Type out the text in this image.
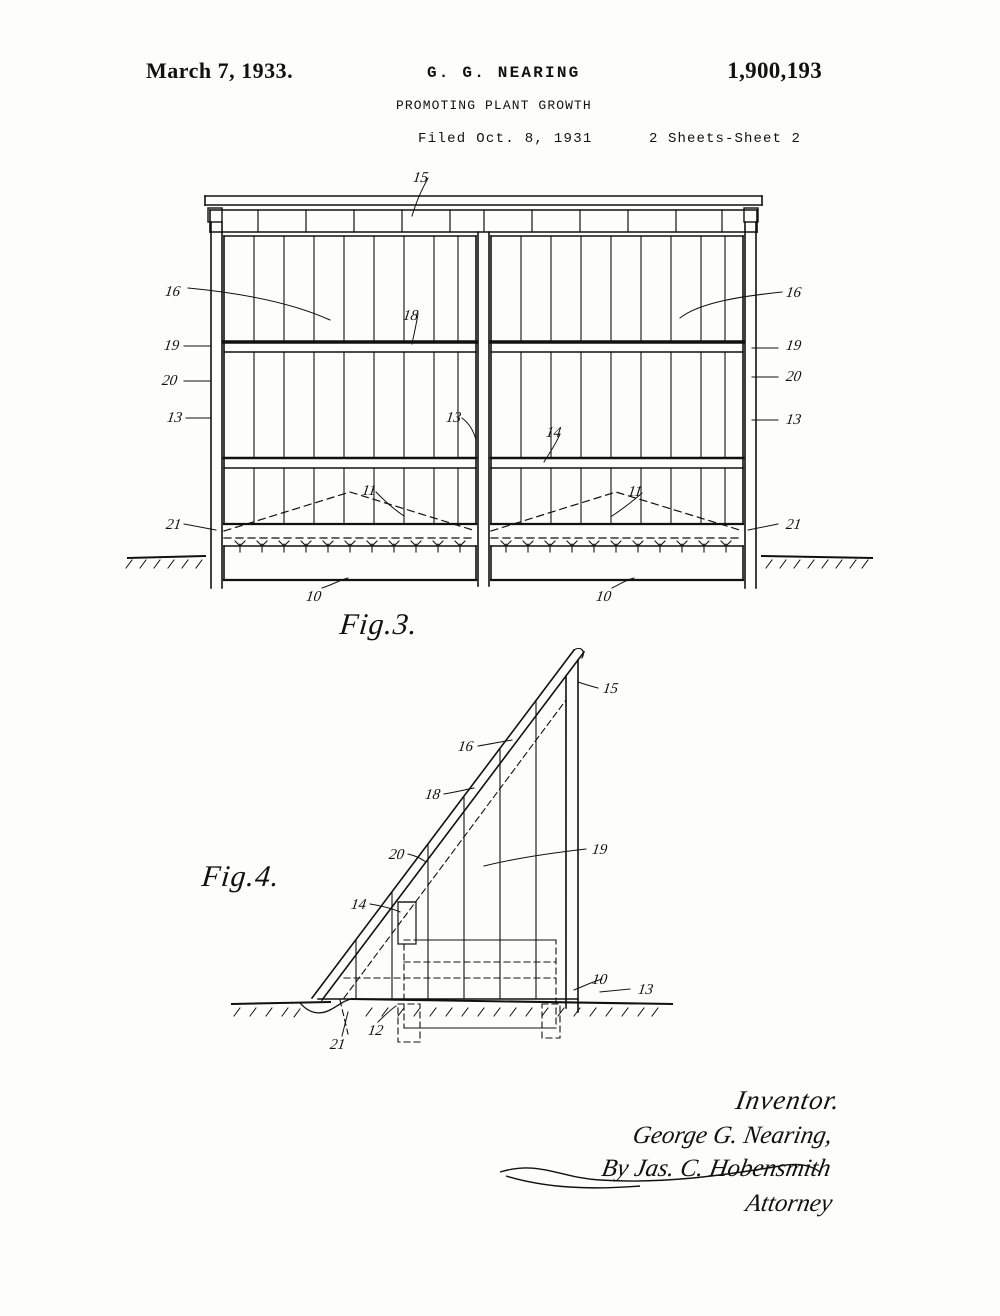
March 7, 1933.	G. G. NEARING	1,900,193
PROMOTING PLANT GROWTH
Filed Oct. 8, 1931	2 Sheets-Sheet 2
15
16	16
18
19	19
20	20
13	13	13
14
11	11
21	21
10	10
15
16
18
19
20
14
10
13
12
21
Fig.3.
Fig.4.
Inventor.
George G. Nearing,
By Jas. C. Hobensmith
Attorney
